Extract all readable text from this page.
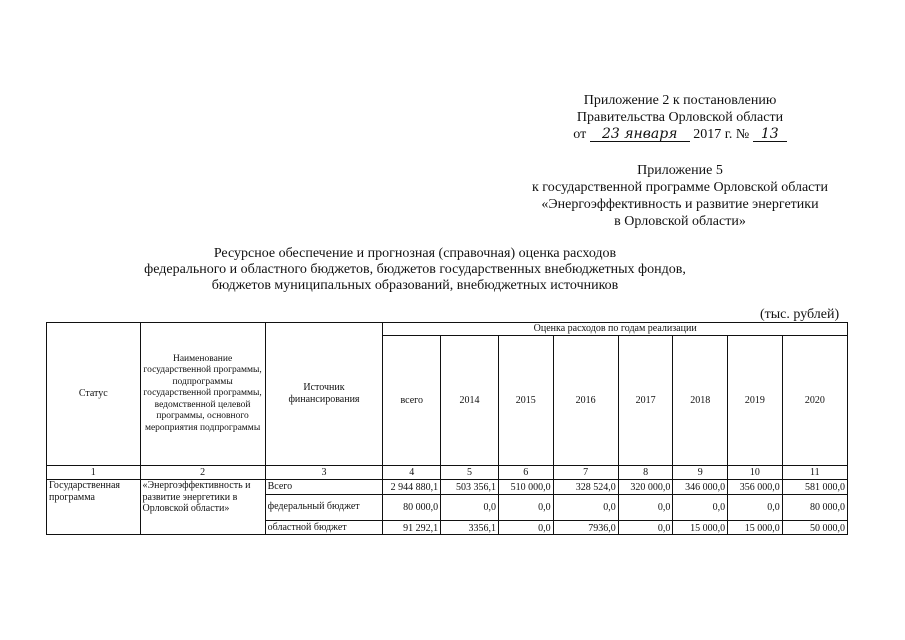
Приложение 2 к постановлению
Правительства Орловской области
от 23 января 2017 г. № 13
Приложение 5
к государственной программе Орловской области
«Энергоэффективность и развитие энергетики
в Орловской области»
Ресурсное обеспечение и прогнозная (справочная) оценка расходов
федерального и областного бюджетов, бюджетов государственных внебюджетных фондов,
бюджетов муниципальных образований, внебюджетных источников
(тыс. рублей)
Статус	Наименование государственной программы, подпрограммы государственной программы, ведомственной целевой программы, основного мероприятия подпрограммы	Источник финансирования	Оценка расходов по годам реализации							
			всего	2014	2015	2016	2017	2018	2019	2020
1	2	3	4	5	6	7	8	9	10	11
Государственная программа	«Энергоэффективность и развитие энергетики в Орловской области»	Всего	2 944 880,1	503 356,1	510 000,0	328 524,0	320 000,0	346 000,0	356 000,0	581 000,0
		федеральный бюджет	80 000,0	0,0	0,0	0,0	0,0	0,0	0,0	80 000,0
		областной бюджет	91 292,1	3356,1	0,0	7936,0	0,0	15 000,0	15 000,0	50 000,0
